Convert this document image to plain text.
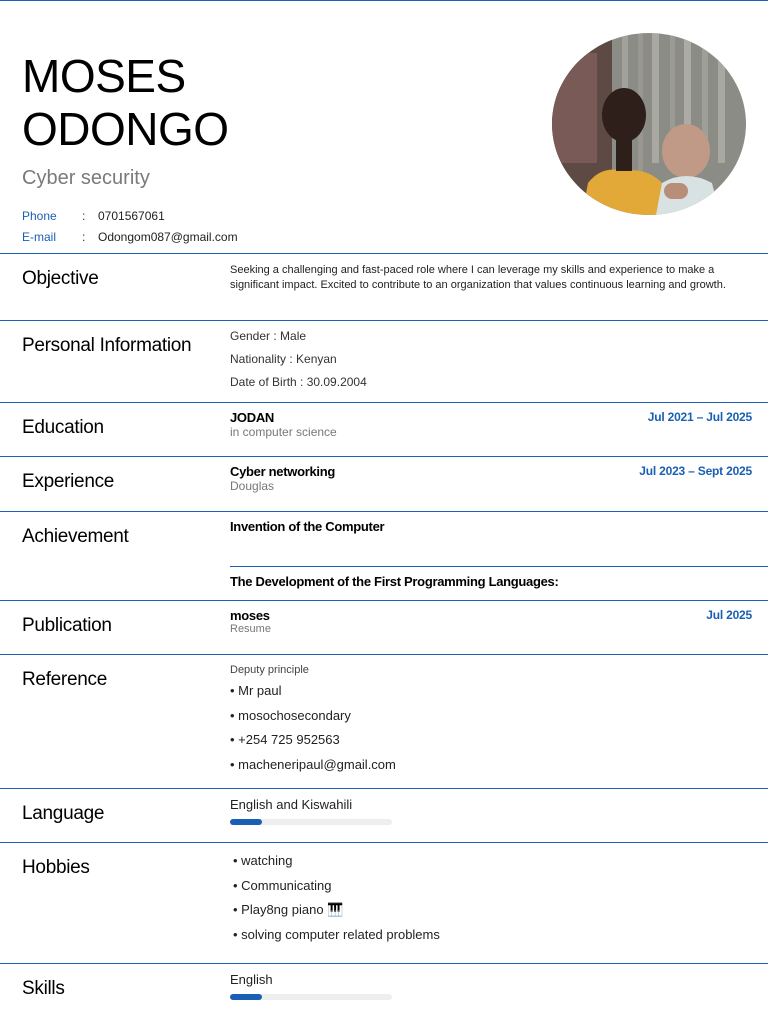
MOSES
ODONGO
Cyber security
Phone	:	0701567061
E-mail	:	Odongom087@gmail.com
Objective	Seeking a challenging and fast-paced role where I can leverage my skills and experience to make a significant impact. Excited to contribute to an organization that values continuous learning and growth.
Personal Information	Gender : Male
Nationality : Kenyan
Date of Birth : 30.09.2004
Education	JODAN
in computer science
Jul 2021 – Jul 2025
Experience	Cyber networking
Douglas
Jul 2023 – Sept 2025
Achievement	Invention of the Computer
The Development of the First Programming Languages:
Publication	moses
Resume
Jul 2025
Reference	Deputy principle
• Mr paul
• mosochosecondary
• +254 725 952563
• macheneripaul@gmail.com
Language	English and Kiswahili
Hobbies	• watching
• Communicating
• Play8ng piano 🎹
• solving computer related problems
Skills	English
